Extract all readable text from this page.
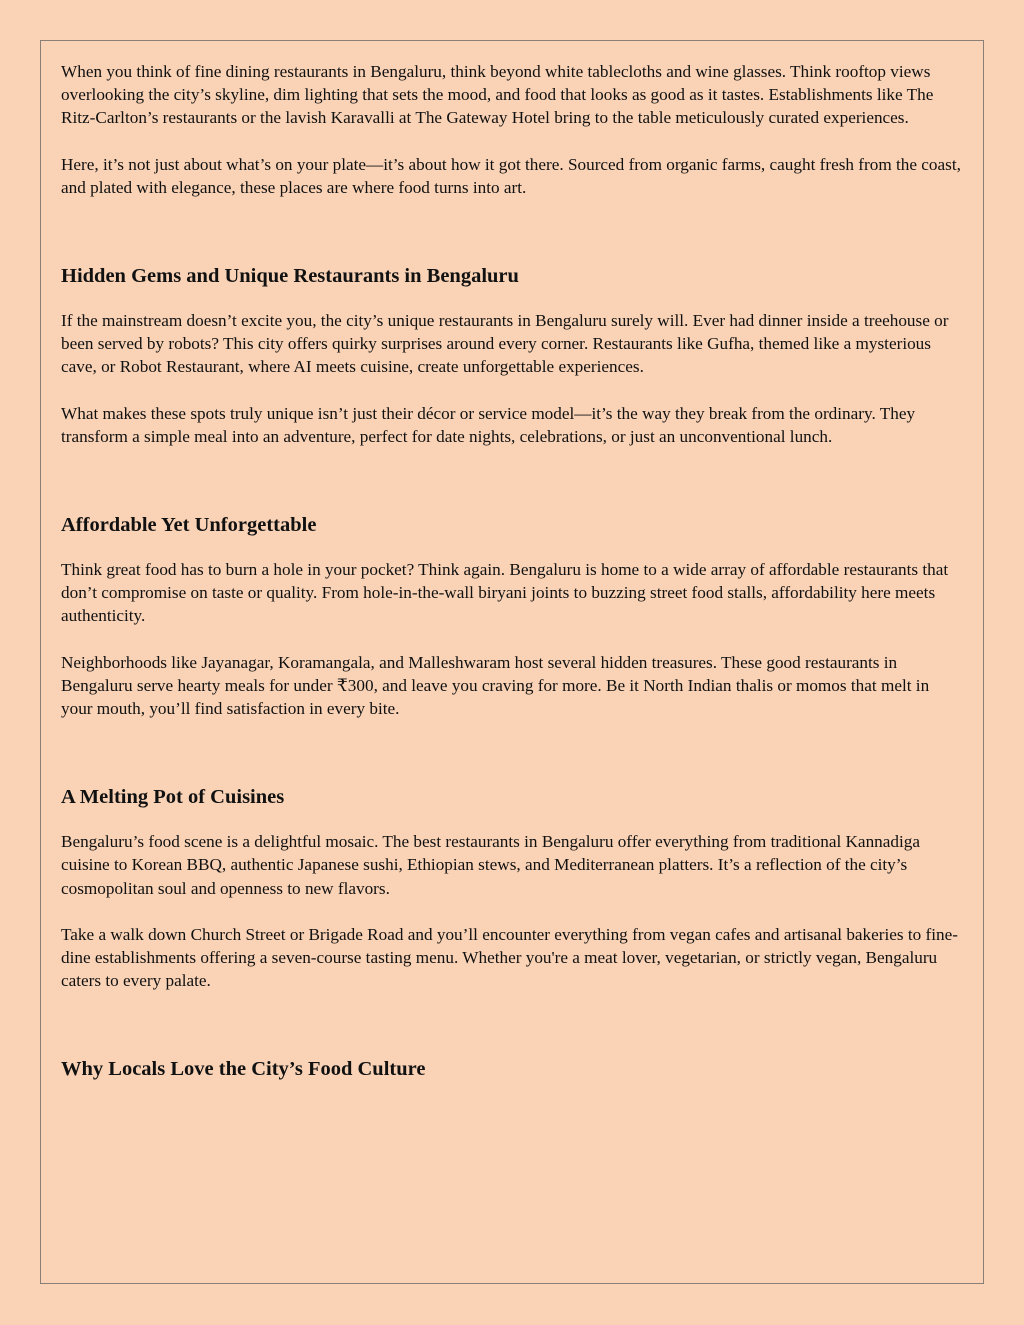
When you think of fine dining restaurants in Bengaluru, think beyond white tablecloths and wine glasses. Think rooftop views overlooking the city’s skyline, dim lighting that sets the mood, and food that looks as good as it tastes. Establishments like The Ritz-Carlton’s restaurants or the lavish Karavalli at The Gateway Hotel bring to the table meticulously curated experiences.

Here, it’s not just about what’s on your plate—it’s about how it got there. Sourced from organic farms, caught fresh from the coast, and plated with elegance, these places are where food turns into art.

Hidden Gems and Unique Restaurants in Bengaluru

If the mainstream doesn’t excite you, the city’s unique restaurants in Bengaluru surely will. Ever had dinner inside a treehouse or been served by robots? This city offers quirky surprises around every corner. Restaurants like Gufha, themed like a mysterious cave, or Robot Restaurant, where AI meets cuisine, create unforgettable experiences.

What makes these spots truly unique isn’t just their décor or service model—it’s the way they break from the ordinary. They transform a simple meal into an adventure, perfect for date nights, celebrations, or just an unconventional lunch.

Affordable Yet Unforgettable

Think great food has to burn a hole in your pocket? Think again. Bengaluru is home to a wide array of affordable restaurants that don’t compromise on taste or quality. From hole-in-the-wall biryani joints to buzzing street food stalls, affordability here meets authenticity.

Neighborhoods like Jayanagar, Koramangala, and Malleshwaram host several hidden treasures. These good restaurants in Bengaluru serve hearty meals for under ₹300, and leave you craving for more. Be it North Indian thalis or momos that melt in your mouth, you’ll find satisfaction in every bite.

A Melting Pot of Cuisines

Bengaluru’s food scene is a delightful mosaic. The best restaurants in Bengaluru offer everything from traditional Kannadiga cuisine to Korean BBQ, authentic Japanese sushi, Ethiopian stews, and Mediterranean platters. It’s a reflection of the city’s cosmopolitan soul and openness to new flavors.

Take a walk down Church Street or Brigade Road and you’ll encounter everything from vegan cafes and artisanal bakeries to fine-dine establishments offering a seven-course tasting menu. Whether you're a meat lover, vegetarian, or strictly vegan, Bengaluru caters to every palate.

Why Locals Love the City’s Food Culture
